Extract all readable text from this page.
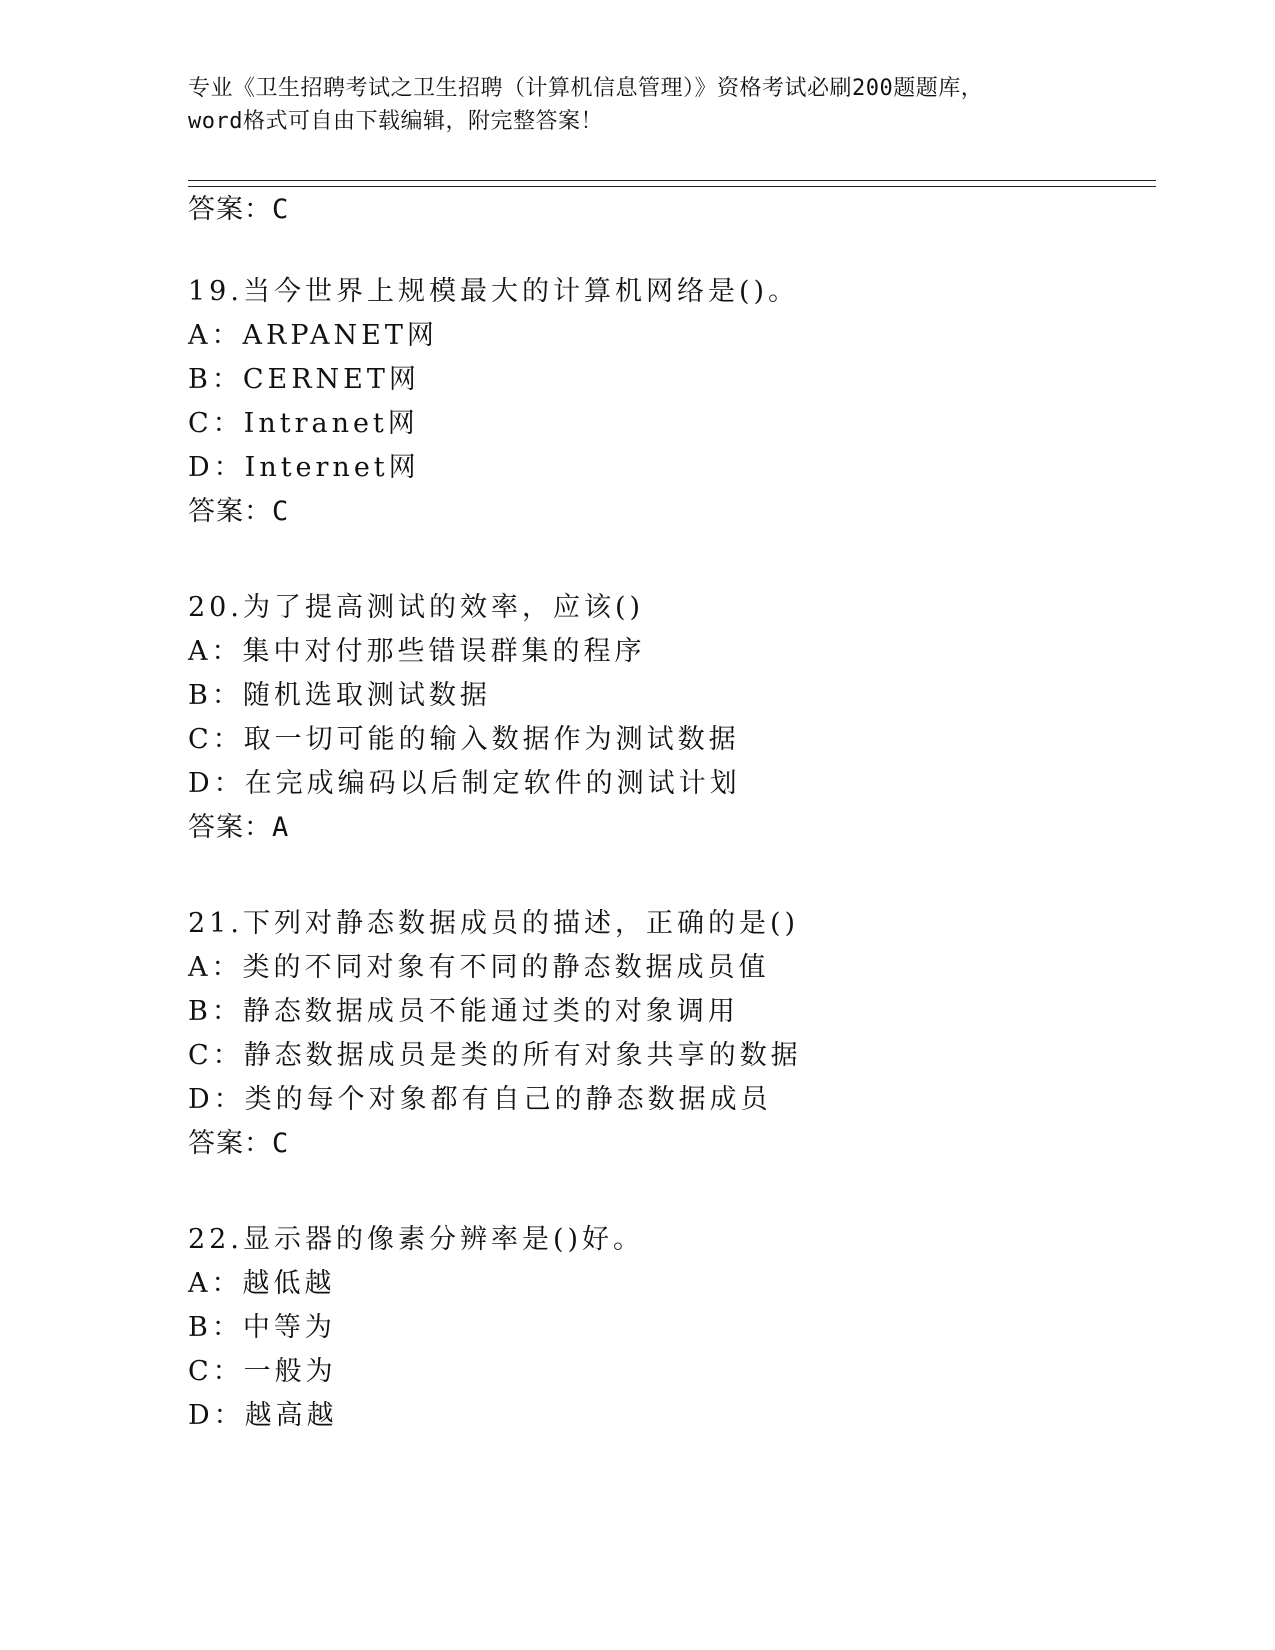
专业《卫生招聘考试之卫生招聘（计算机信息管理）》资格考试必刷200题题库，
word格式可自由下载编辑，附完整答案！
答案：C
19.当今世界上规模最大的计算机网络是()。
A：ARPANET网
B：CERNET网
C：Intranet网
D：Internet网
答案：C
20.为了提高测试的效率，应该()
A：集中对付那些错误群集的程序
B：随机选取测试数据
C：取一切可能的输入数据作为测试数据
D：在完成编码以后制定软件的测试计划
答案：A
21.下列对静态数据成员的描述，正确的是()
A：类的不同对象有不同的静态数据成员值
B：静态数据成员不能通过类的对象调用
C：静态数据成员是类的所有对象共享的数据
D：类的每个对象都有自己的静态数据成员
答案：C
22.显示器的像素分辨率是()好。
A：越低越
B：中等为
C：一般为
D：越高越
